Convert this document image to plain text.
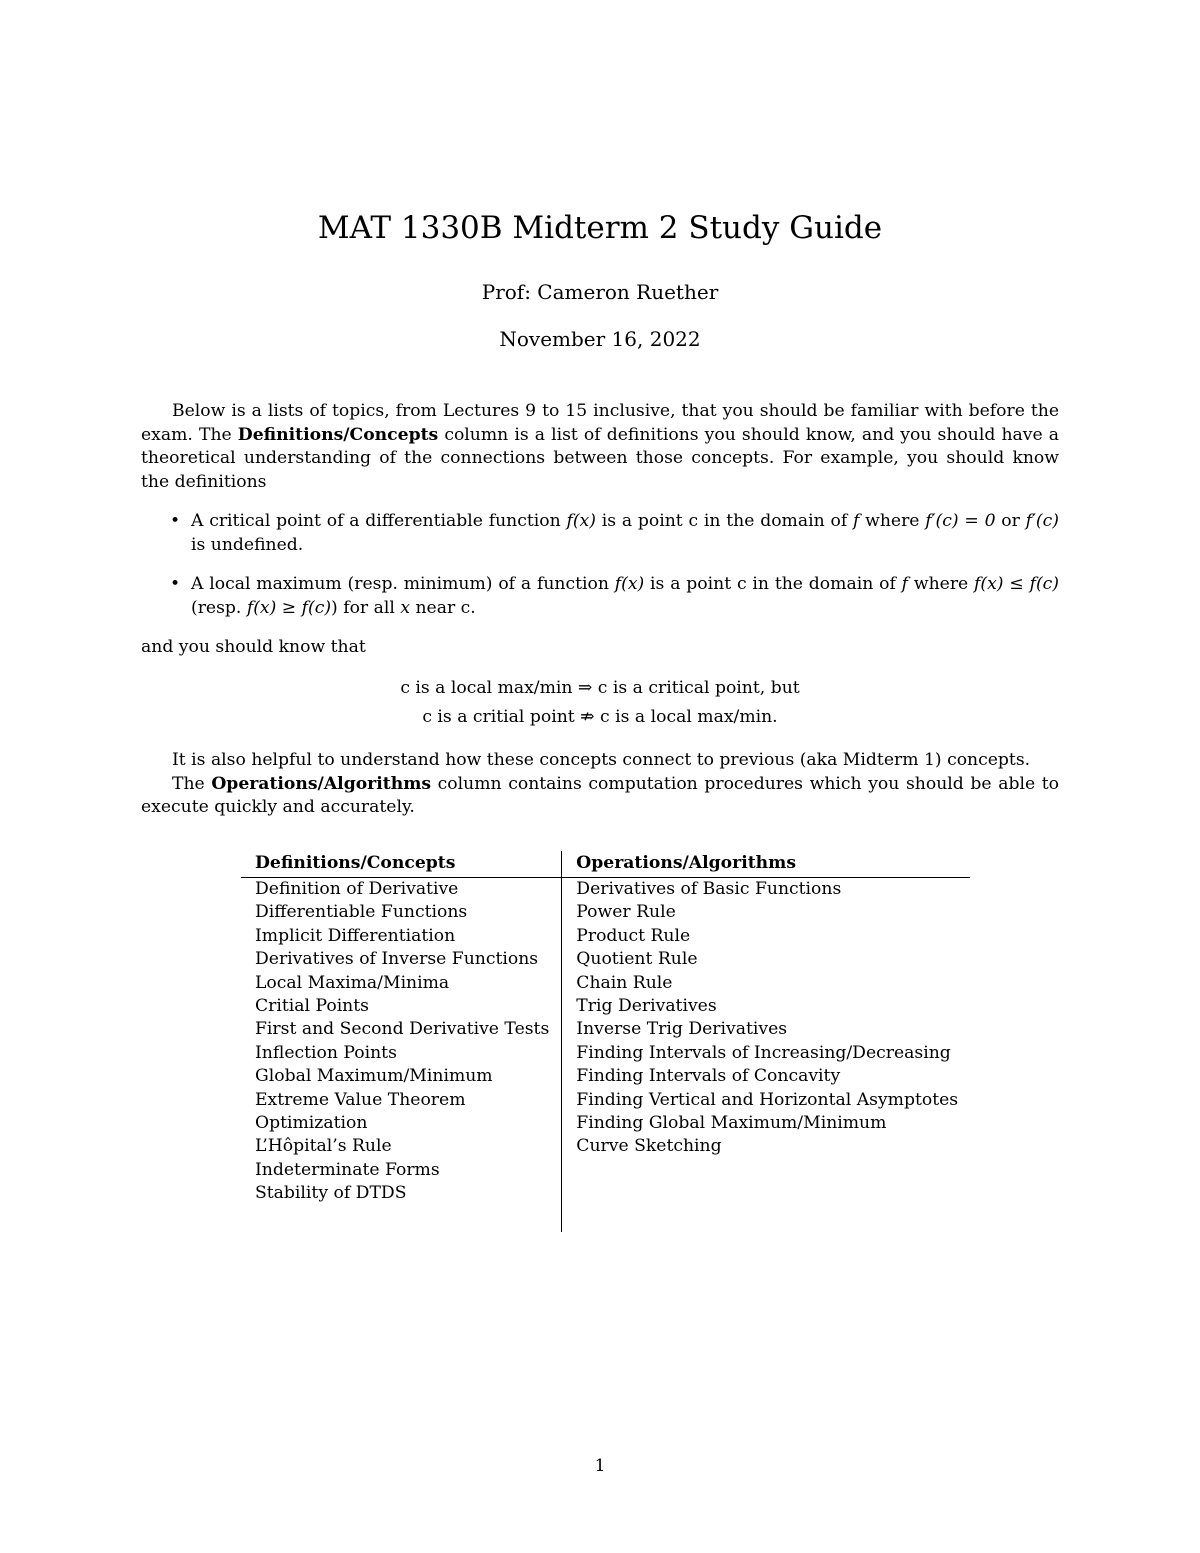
MAT 1330B Midterm 2 Study Guide
Prof: Cameron Ruether
November 16, 2022
Below is a lists of topics, from Lectures 9 to 15 inclusive, that you should be familiar with before the exam. The Definitions/Concepts column is a list of definitions you should know, and you should have a theoretical understanding of the connections between those concepts. For example, you should know the definitions
• A critical point of a differentiable function f(x) is a point c in the domain of f where f′(c) = 0 or f′(c) is undefined.
• A local maximum (resp. minimum) of a function f(x) is a point c in the domain of f where f(x) ≤ f(c) (resp. f(x) ≥ f(c)) for all x near c.
and you should know that
c is a local max/min ⇒ c is a critical point, but
c is a critial point ⇏ c is a local max/min.
It is also helpful to understand how these concepts connect to previous (aka Midterm 1) concepts.
The Operations/Algorithms column contains computation procedures which you should be able to execute quickly and accurately.
Definitions/Concepts	Operations/Algorithms
Definition of Derivative	Derivatives of Basic Functions
Differentiable Functions	Power Rule
Implicit Differentiation	Product Rule
Derivatives of Inverse Functions	Quotient Rule
Local Maxima/Minima	Chain Rule
Critial Points	Trig Derivatives
First and Second Derivative Tests	Inverse Trig Derivatives
Inflection Points	Finding Intervals of Increasing/Decreasing
Global Maximum/Minimum	Finding Intervals of Concavity
Extreme Value Theorem	Finding Vertical and Horizontal Asymptotes
Optimization	Finding Global Maximum/Minimum
L’Hôpital’s Rule	Curve Sketching
Indeterminate Forms	
Stability of DTDS	

1
